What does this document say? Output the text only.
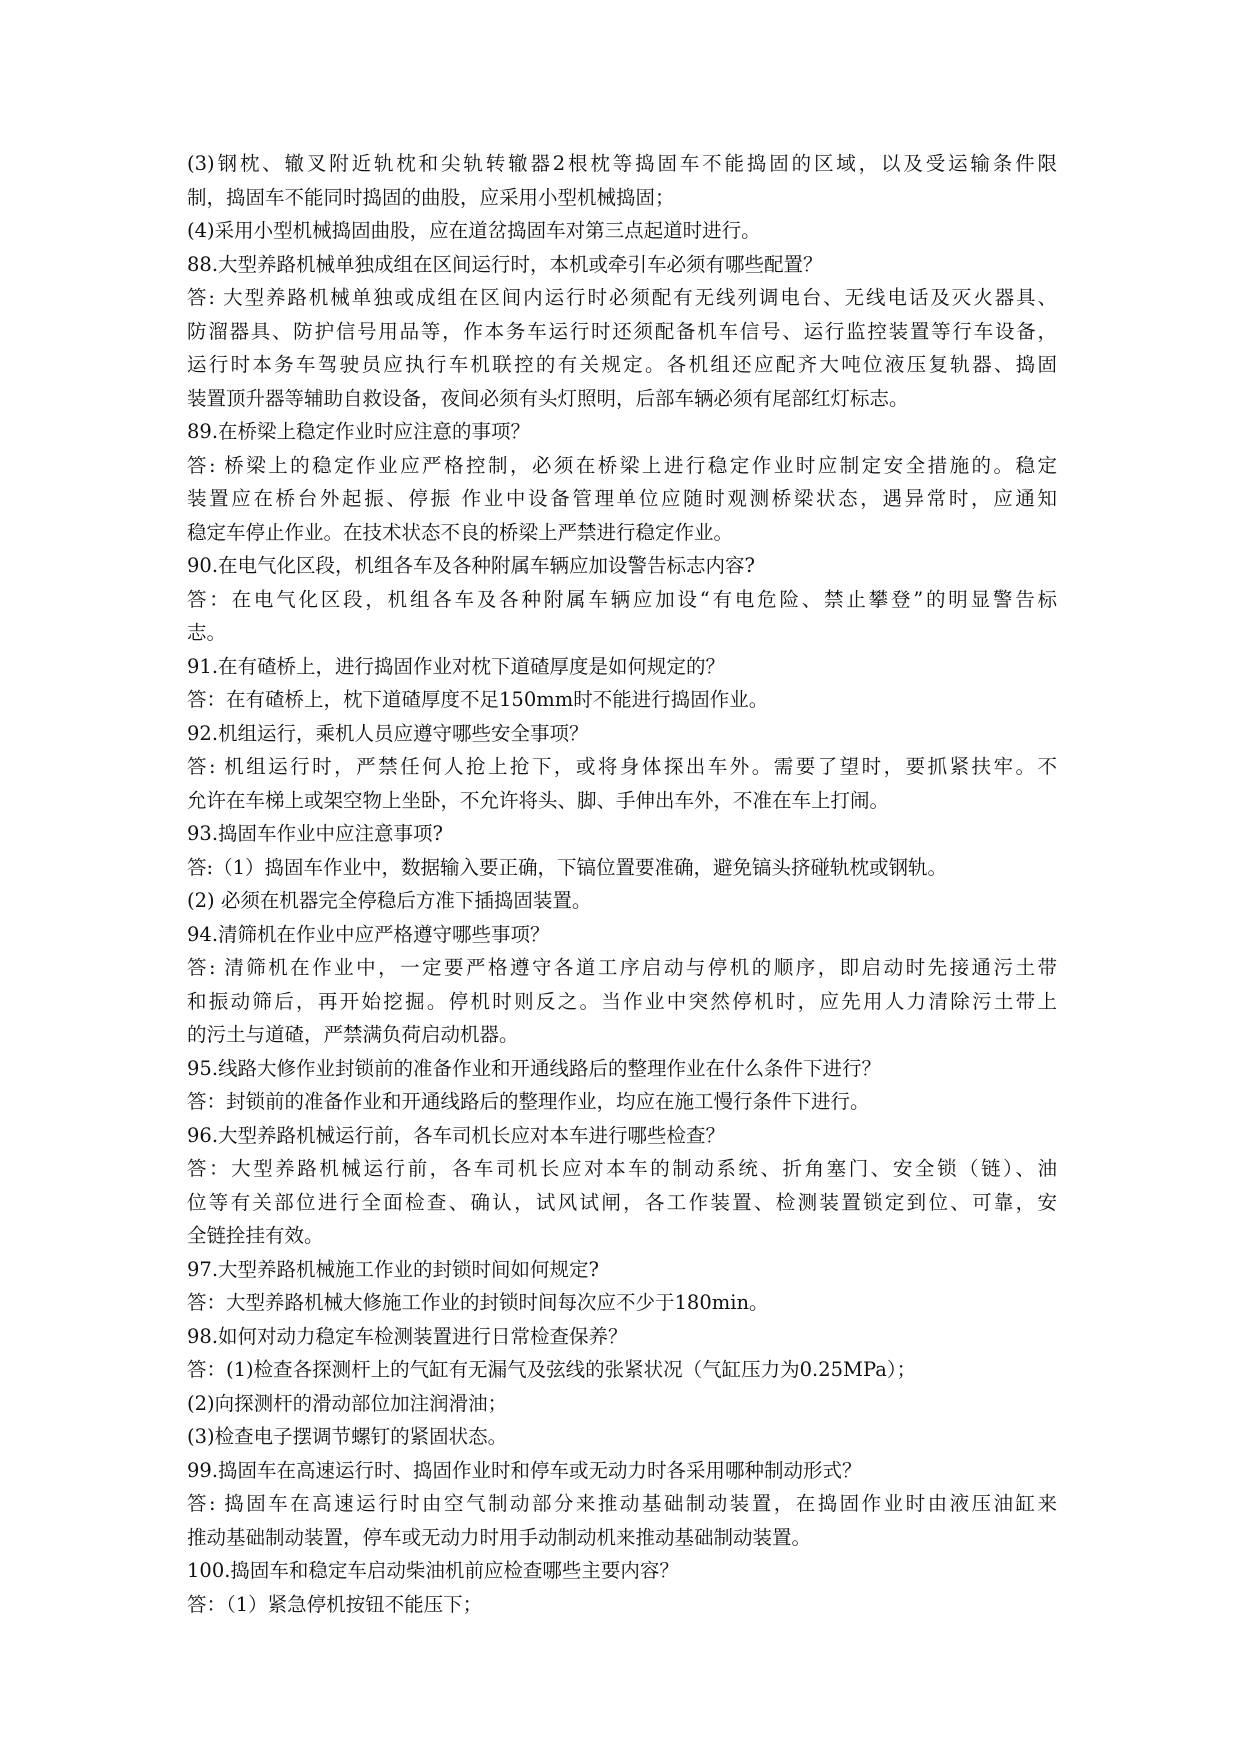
(3)钢枕、辙叉附近轨枕和尖轨转辙器2根枕等捣固车不能捣固的区域，以及受运输条件限
制，捣固车不能同时捣固的曲股，应采用小型机械捣固；
(4)采用小型机械捣固曲股，应在道岔捣固车对第三点起道时进行。
88.大型养路机械单独成组在区间运行时，本机或牵引车必须有哪些配置？
答: 大型养路机械单独或成组在区间内运行时必须配有无线列调电台、无线电话及灭火器具、
防溜器具、防护信号用品等，作本务车运行时还须配备机车信号、运行监控装置等行车设备，
运行时本务车驾驶员应执行车机联控的有关规定。各机组还应配齐大吨位液压复轨器、捣固
装置顶升器等辅助自救设备，夜间必须有头灯照明，后部车辆必须有尾部红灯标志。
89.在桥梁上稳定作业时应注意的事项？
答: 桥梁上的稳定作业应严格控制，必须在桥梁上进行稳定作业时应制定安全措施的。稳定
装置应在桥台外起振、停振 作业中设备管理单位应随时观测桥梁状态，遇异常时，应通知
稳定车停止作业。在技术状态不良的桥梁上严禁进行稳定作业。
90.在电气化区段，机组各车及各种附属车辆应加设警告标志内容?
答：在电气化区段，机组各车及各种附属车辆应加设“有电危险、禁止攀登”的明显警告标
志。
91.在有碴桥上，进行捣固作业对枕下道碴厚度是如何规定的？
答：在有碴桥上，枕下道碴厚度不足150mm时不能进行捣固作业。
92.机组运行，乘机人员应遵守哪些安全事项？
答: 机组运行时，严禁任何人抢上抢下，或将身体探出车外。需要了望时，要抓紧扶牢。不
允许在车梯上或架空物上坐卧，不允许将头、脚、手伸出车外，不准在车上打闹。
93.捣固车作业中应注意事项?
答:（1）捣固车作业中，数据输入要正确，下镐位置要准确，避免镐头挤碰轨枕或钢轨。
(2) 必须在机器完全停稳后方准下插捣固装置。
94.清筛机在作业中应严格遵守哪些事项？
答: 清筛机在作业中，一定要严格遵守各道工序启动与停机的顺序，即启动时先接通污土带
和振动筛后，再开始挖掘。停机时则反之。当作业中突然停机时，应先用人力清除污土带上
的污土与道碴，严禁满负荷启动机器。
95.线路大修作业封锁前的准备作业和开通线路后的整理作业在什么条件下进行？
答：封锁前的准备作业和开通线路后的整理作业，均应在施工慢行条件下进行。
96.大型养路机械运行前，各车司机长应对本车进行哪些检查？
答：大型养路机械运行前，各车司机长应对本车的制动系统、折角塞门、安全锁（链）、油
位等有关部位进行全面检查、确认，试风试闸，各工作装置、检测装置锁定到位、可靠，安
全链拴挂有效。
97.大型养路机械施工作业的封锁时间如何规定?
答：大型养路机械大修施工作业的封锁时间每次应不少于180min。
98.如何对动力稳定车检测装置进行日常检查保养？
答：(1)检查各探测杆上的气缸有无漏气及弦线的张紧状况（气缸压力为0.25MPa）；
(2)向探测杆的滑动部位加注润滑油；
(3)检查电子摆调节螺钉的紧固状态。
99.捣固车在高速运行时、捣固作业时和停车或无动力时各采用哪种制动形式？
答: 捣固车在高速运行时由空气制动部分来推动基础制动装置，在捣固作业时由液压油缸来
推动基础制动装置，停车或无动力时用手动制动机来推动基础制动装置。
100.捣固车和稳定车启动柴油机前应检查哪些主要内容？
答：（1）紧急停机按钮不能压下；
